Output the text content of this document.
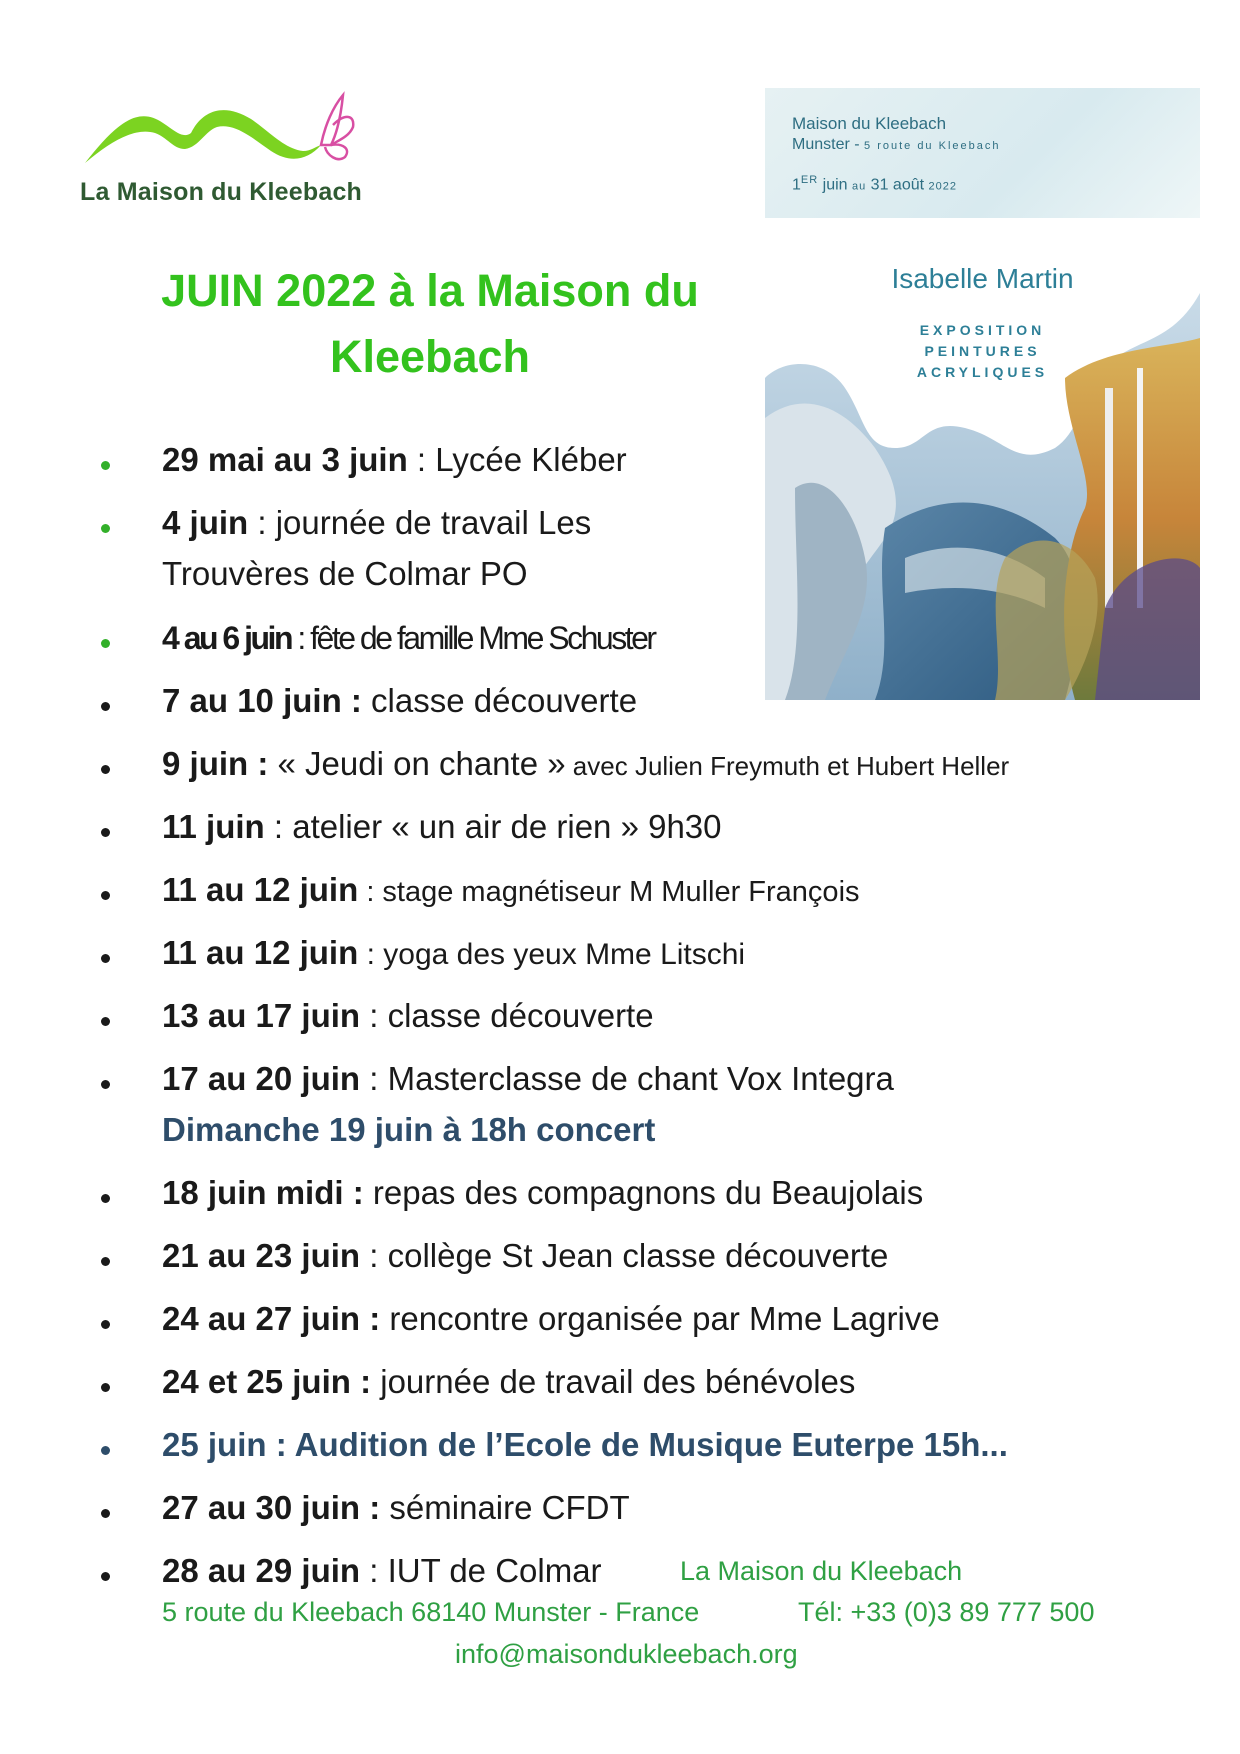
La Maison du Kleebach
Maison du Kleebach
Munster - 5 route du Kleebach
1ER juin au 31 août 2022
Isabelle Martin
EXPOSITION
PEINTURES
ACRYLIQUES
JUIN 2022 à la Maison du
Kleebach
29 mai au 3 juin : Lycée Kléber
4 juin : journée de travail Les
Trouvères de Colmar PO
4 au 6 juin : fête de famille Mme Schuster
7 au 10 juin : classe découverte
9 juin : « Jeudi on chante » avec Julien Freymuth et Hubert Heller
11 juin : atelier « un air de rien » 9h30
11 au 12 juin : stage magnétiseur M Muller François
11 au 12 juin : yoga des yeux Mme Litschi
13 au 17 juin : classe découverte
17 au 20 juin : Masterclasse de chant Vox Integra
Dimanche 19 juin à 18h concert
18 juin midi : repas des compagnons du Beaujolais
21 au 23 juin : collège St Jean classe découverte
24 au 27 juin : rencontre organisée par Mme Lagrive
24 et 25 juin : journée de travail des bénévoles
25 juin : Audition de l’Ecole de Musique Euterpe 15h...
27 au 30 juin : séminaire CFDT
28 au 29 juin : IUT de Colmar	La Maison du Kleebach
5 route du Kleebach 68140 Munster - France	Tél: +33 (0)3 89 777 500
info@maisondukleebach.org
